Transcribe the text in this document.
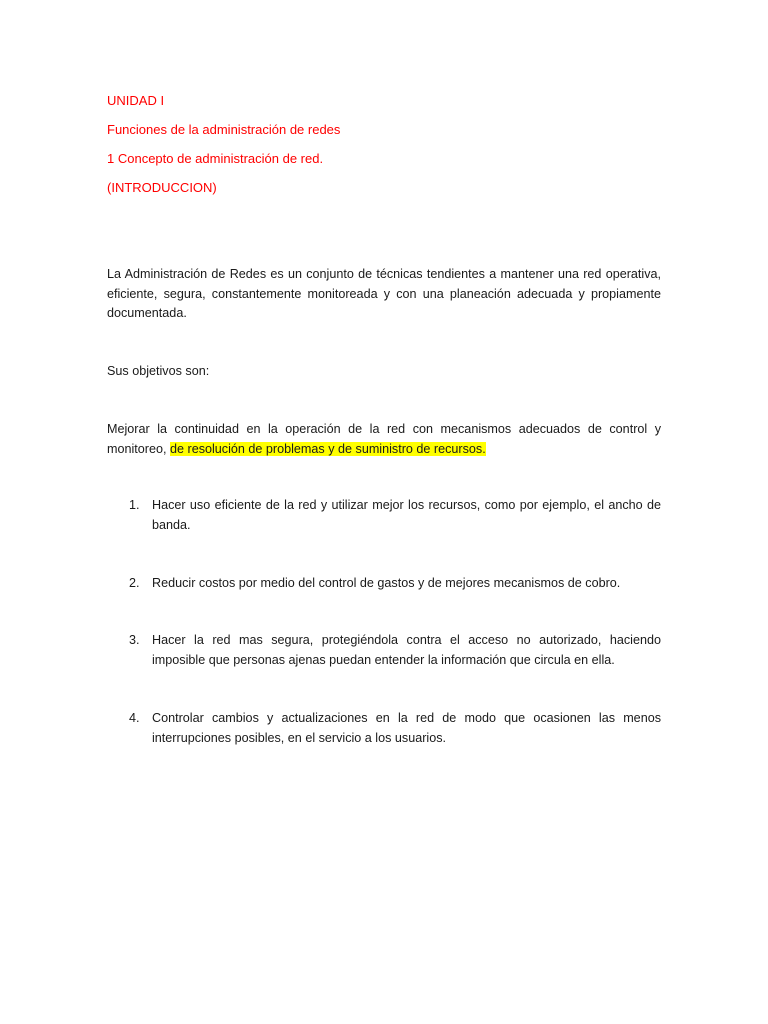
UNIDAD I
Funciones de la administración de redes
1 Concepto de administración de red.
(INTRODUCCION)
La Administración de Redes es un conjunto de técnicas tendientes a mantener una red operativa, eficiente, segura, constantemente monitoreada y con una planeación adecuada y propiamente documentada.
Sus objetivos son:
Mejorar la continuidad en la operación de la red con mecanismos adecuados de control y monitoreo, de resolución de problemas y de suministro de recursos.
1. Hacer uso eficiente de la red y utilizar mejor los recursos, como por ejemplo, el ancho de banda.
2. Reducir costos por medio del control de gastos y de mejores mecanismos de cobro.
3. Hacer la red mas segura, protegiéndola contra el acceso no autorizado, haciendo imposible que personas ajenas puedan entender la información que circula en ella.
4. Controlar cambios y actualizaciones en la red de modo que ocasionen las menos interrupciones posibles, en el servicio a los usuarios.
